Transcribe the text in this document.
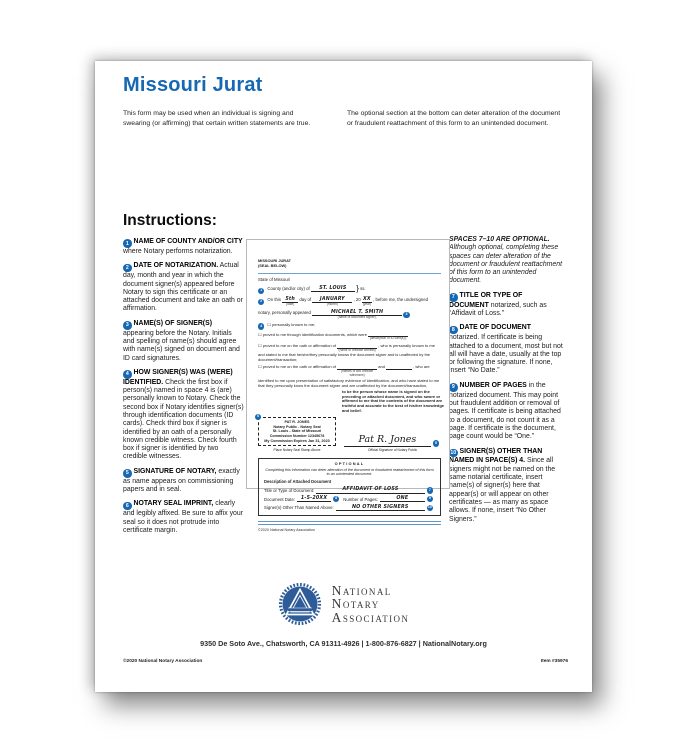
Missouri Jurat

This form may be used when an individual is signing and swearing (or affirming) that certain written statements are true.

The optional section at the bottom can deter alteration of the document or fraudulent reattachment of this form to an unintended document.

Instructions:

1 NAME OF COUNTY AND/OR CITY where Notary performs notarization.

2 DATE OF NOTARIZATION. Actual day, month and year in which the document signer(s) appeared before Notary to sign this certificate or an attached document and take an oath or affirmation.

3 NAME(S) OF SIGNER(S) appearing before the Notary. Initials and spelling of name(s) should agree with name(s) signed on document and ID card signatures.

4 HOW SIGNER(S) WAS (WERE) IDENTIFIED. Check the first box if person(s) named in space 4 is (are) personally known to Notary. Check the second box if Notary identifies signer(s) through identification documents (ID cards). Check third box if signer is identified by an oath of a personally known credible witness. Check fourth box if signer is identified by two credible witnesses.

5 SIGNATURE OF NOTARY, exactly as name appears on commissioning papers and in seal.

6 NOTARY SEAL IMPRINT, clearly and legibly affixed. Be sure to affix your seal so it does not protrude into certificate margin.

SPACES 7–10 ARE OPTIONAL. Although optional, completing these spaces can deter alteration of the document or fraudulent reattachment of this form to an unintended document.

7 TITLE OR TYPE OF DOCUMENT notarized, such as “Affidavit of Loss.”

8 DATE OF DOCUMENT notarized. If certificate is being attached to a document, most but not all will have a date, usually at the top or following the signature. If none, insert “No Date.”

9 NUMBER OF PAGES in the notarized document. This may point out fraudulent addition or removal of pages. If certificate is being attached to a document, do not count it as a page. If certificate is the document, page count would be “One.”

10 SIGNER(S) OTHER THAN NAMED IN SPACE(S) 4. Since all signers might not be named on the same notarial certificate, insert name(s) of signer(s) here that appear(s) or will appear on other certificates — as many as space allows. If none, insert “No Other Signers.”

MISSOURI JURAT
(SEAL BELOW)
State of Missouri
1 County (and/or city) of	ST. LOUIS	} ss.
2 On this 5th
(date)
day of	JANUARY
(month)
, 20 XX
(year)
, before me, the undersigned
notary, personally appeared	MICHAEL T. SMITH
(name of document signer),
3
4 ☐ personally known to me;
☐ proved to me through identification documents, which were
(description of ID card(s));
☐ proved to me on the oath or affirmation of
(name of credible witness)
, who is personally known to me and stated to me that he/she/they personally knows the document signer and is unaffected by the document/transaction;
☐ proved to me on the oath or affirmation of
(names of two credible witnesses)
and	, who are identified to me upon presentation of satisfactory evidence of identification, and who have stated to me that they personally know the document signer and are unaffected by the document/transaction,
to be the person whose name is signed on the preceding or attached document, and who swore or affirmed to me that the contents of the document are truthful and accurate to the best of his/her knowledge and belief.
6
PAT R. JONES
Notary Public - Notary Seal
St. Louis - State of Missouri
Commission Number 12345678
My Commission Expires Jan 31, 2023
Place Notary Seal Stamp Above
Pat R. Jones	5
Official Signature of Notary Public
OPTIONAL
Completing this information can deter alteration of the document or fraudulent reattachment of this form to an unintended document.
Description of Attached Document
Title or Type of Document:	AFFIDAVIT OF LOSS	7
Document Date:	1-5-20XX	8	Number of Pages:	ONE	9
Signer(s) Other Than Named Above:	NO OTHER SIGNERS	10
©2020 National Notary Association
National
Notary
Association
9350 De Soto Ave., Chatsworth, CA 91311-4926 | 1-800-876-6827 | NationalNotary.org
©2020 National Notary Association	Item #35976
